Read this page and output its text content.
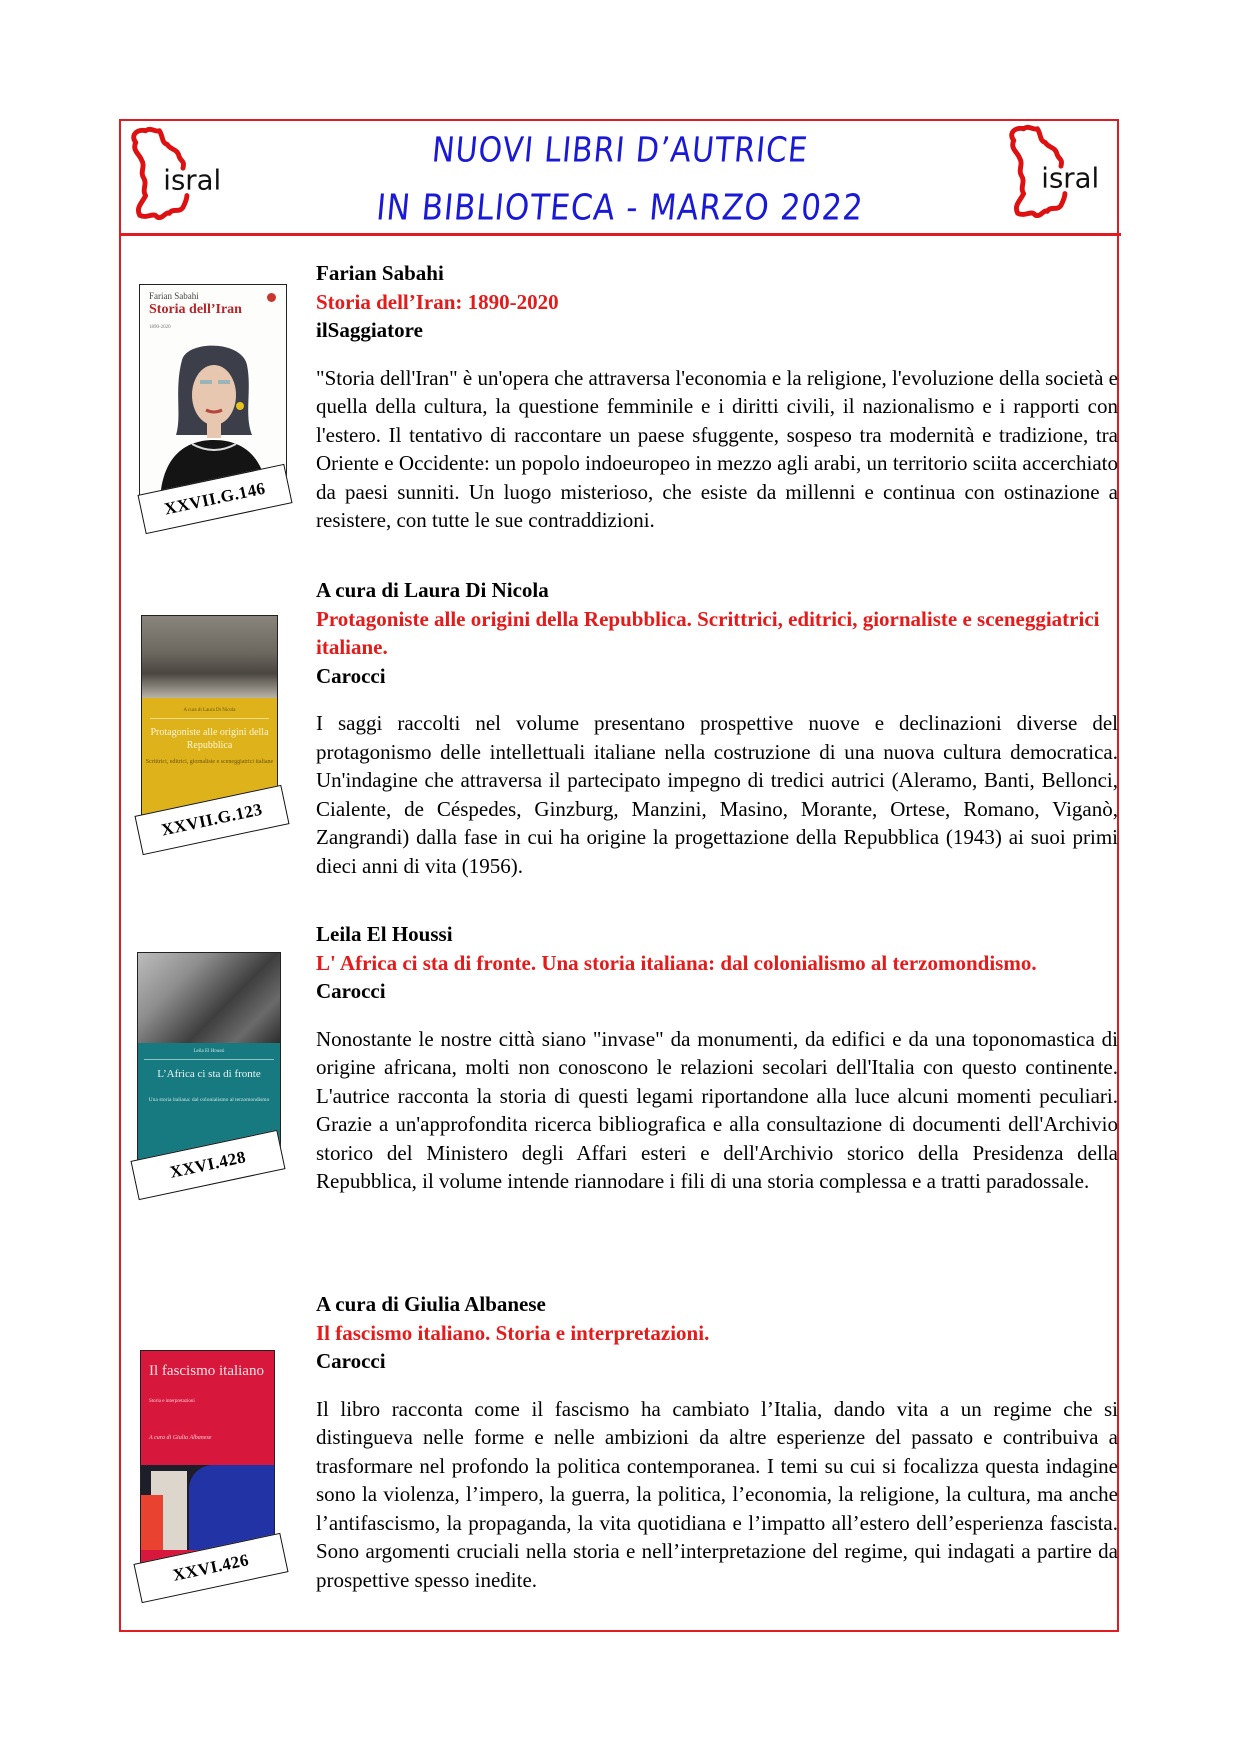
isral	isral
NUOVI LIBRI D’AUTRICE
IN BIBLIOTECA - MARZO 2022
Farian Sabahi
Storia dell’Iran
1890-2020
XXVII.G.146
Farian Sabahi
Storia dell’Iran: 1890-2020
ilSaggiatore
"Storia dell'Iran" è un'opera che attraversa l'economia e la religione, l'evoluzione della società e quella della cultura, la questione femminile e i diritti civili, il nazionalismo e i rapporti con l'estero. Il tentativo di raccontare un paese sfuggente, sospeso tra modernità e tradizione, tra Oriente e Occidente: un popolo indoeuropeo in mezzo agli arabi, un territorio sciita accerchiato da paesi sunniti. Un luogo misterioso, che esiste da millenni e continua con ostinazione a resistere, con tutte le sue contraddizioni.
A cura di Laura Di Nicola
Protagoniste alle origini della Repubblica
Scrittrici, editrici, giornaliste e sceneggiatrici italiane
XXVII.G.123
A cura di Laura Di Nicola
Protagoniste alle origini della Repubblica. Scrittrici, editrici, giornaliste e sceneggiatrici italiane.
Carocci
I saggi raccolti nel volume presentano prospettive nuove e declinazioni diverse del protagonismo delle intellettuali italiane nella costruzione di una nuova cultura democratica. Un'indagine che attraversa il partecipato impegno di tredici autrici (Aleramo, Banti, Bellonci, Cialente, de Céspedes, Ginzburg, Manzini, Masino, Morante, Ortese, Romano, Viganò, Zangrandi) dalla fase in cui ha origine la progettazione della Repubblica (1943) ai suoi primi dieci anni di vita (1956).
Leila El Houssi
L’Africa ci sta di fronte
Una storia italiana: dal colonialismo al terzomondismo
XXVI.428
Leila El Houssi
L' Africa ci sta di fronte. Una storia italiana: dal colonialismo al terzomondismo.
Carocci
Nonostante le nostre città siano "invase" da monumenti, da edifici e da una toponomastica di origine africana, molti non conoscono le relazioni secolari dell'Italia con questo continente. L'autrice racconta la storia di questi legami riportandone alla luce alcuni momenti peculiari. Grazie a un'approfondita ricerca bibliografica e alla consultazione di documenti dell'Archivio storico del Ministero degli Affari esteri e dell'Archivio storico della Presidenza della Repubblica, il volume intende riannodare i fili di una storia complessa e a tratti paradossale.
Il fascismo italiano
Storia e interpretazioni
A cura di Giulia Albanese
XXVI.426
A cura di Giulia Albanese
Il fascismo italiano. Storia e interpretazioni.
Carocci
Il libro racconta come il fascismo ha cambiato l’Italia, dando vita a un regime che si distingueva nelle forme e nelle ambizioni da altre esperienze del passato e contribuiva a trasformare nel profondo la politica contemporanea. I temi su cui si focalizza questa indagine sono la violenza, l’impero, la guerra, la politica, l’economia, la religione, la cultura, ma anche l’antifascismo, la propaganda, la vita quotidiana e l’impatto all’estero dell’esperienza fascista. Sono argomenti cruciali nella storia e nell’interpretazione del regime, qui indagati a partire da prospettive spesso inedite.
